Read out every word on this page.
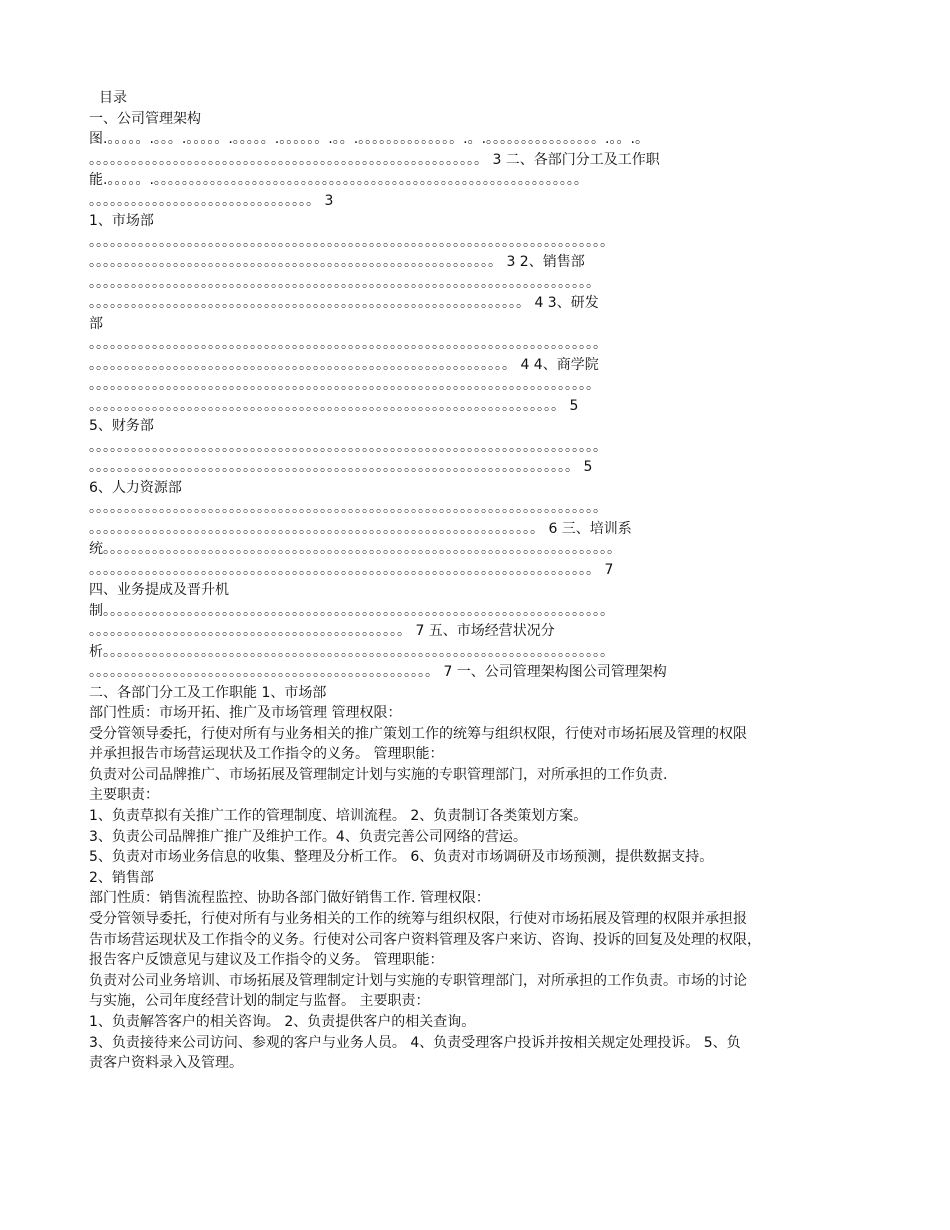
目录
一、公司管理架构
图.。。。。。.。。。.。。。。。.。。。。。.。。。。。。.。。.。。。。。。。。。。。。。。.。.。。。。。。。。。。。。。。。。.。。.。
。。。。。。。。。。。。。。。。。。。。。。。。。。。。。。。。。。。。。。。。。。。。。。。。。。。。。。。。 3 二、各部门分工及工作职
能.。。。。。.。。。。。。。。。。。。。。。。。。。。。。。。。。。。。。。。。。。。。。。。。。。。。。。。。。。。。。。。。。。。。
。。。。。。。。。。。。。。。。。。。。。。。。。。。。。。。。 3
1、市场部
。。。。。。。。。。。。。。。。。。。。。。。。。。。。。。。。。。。。。。。。。。。。。。。。。。。。。。。。。。。。。。。。。。。。。。。。。。
。。。。。。。。。。。。。。。。。。。。。。。。。。。。。。。。。。。。。。。。。。。。。。。。。。。。。。。。。。 3 2、销售部
。。。。。。。。。。。。。。。。。。。。。。。。。。。。。。。。。。。。。。。。。。。。。。。。。。。。。。。。。。。。。。。。。。。。。。。。
。。。。。。。。。。。。。。。。。。。。。。。。。。。。。。。。。。。。。。。。。。。。。。。。。。。。。。。。。。。。。。 4 3、研发
部
。。。。。。。。。。。。。。。。。。。。。。。。。。。。。。。。。。。。。。。。。。。。。。。。。。。。。。。。。。。。。。。。。。。。。。。。。
。。。。。。。。。。。。。。。。。。。。。。。。。。。。。。。。。。。。。。。。。。。。。。。。。。。。。。。。。。。。 4 4、商学院
。。。。。。。。。。。。。。。。。。。。。。。。。。。。。。。。。。。。。。。。。。。。。。。。。。。。。。。。。。。。。。。。。。。。。。。。
。。。。。。。。。。。。。。。。。。。。。。。。。。。。。。。。。。。。。。。。。。。。。。。。。。。。。。。。。。。。。。。。。。。 5
5、财务部
。。。。。。。。。。。。。。。。。。。。。。。。。。。。。。。。。。。。。。。。。。。。。。。。。。。。。。。。。。。。。。。。。。。。。。。。。
。。。。。。。。。。。。。。。。。。。。。。。。。。。。。。。。。。。。。。。。。。。。。。。。。。。。。。。。。。。。。。。。。。。。。 5
6、人力资源部
。。。。。。。。。。。。。。。。。。。。。。。。。。。。。。。。。。。。。。。。。。。。。。。。。。。。。。。。。。。。。。。。。。。。。。。。。
。。。。。。。。。。。。。。。。。。。。。。。。。。。。。。。。。。。。。。。。。。。。。。。。。。。。。。。。。。。。。。。。 6 三、培训系
统。。。。。。。。。。。。。。。。。。。。。。。。。。。。。。。。。。。。。。。。。。。。。。。。。。。。。。。。。。。。。。。。。。。。。。。。。
。。。。。。。。。。。。。。。。。。。。。。。。。。。。。。。。。。。。。。。。。。。。。。。。。。。。。。。。。。。。。。。。。。。。。。。。 7
四、业务提成及晋升机
制。。。。。。。。。。。。。。。。。。。。。。。。。。。。。。。。。。。。。。。。。。。。。。。。。。。。。。。。。。。。。。。。。。。。。。。。
。。。。。。。。。。。。。。。。。。。。。。。。。。。。。。。。。。。。。。。。。。。。。 7 五、市场经营状况分
析。。。。。。。。。。。。。。。。。。。。。。。。。。。。。。。。。。。。。。。。。。。。。。。。。。。。。。。。。。。。。。。。。。。。。。。。
。。。。。。。。。。。。。。。。。。。。。。。。。。。。。。。。。。。。。。。。。。。。。。。。。 7 一、公司管理架构图公司管理架构
二、各部门分工及工作职能 1、市场部
部门性质：市场开拓、推广及市场管理 管理权限：
受分管领导委托，行使对所有与业务相关的推广策划工作的统筹与组织权限，行使对市场拓展及管理的权限
并承担报告市场营运现状及工作指令的义务。 管理职能：
负责对公司品牌推广、市场拓展及管理制定计划与实施的专职管理部门，对所承担的工作负责.
主要职责：
1、负责草拟有关推广工作的管理制度、培训流程。 2、负责制订各类策划方案。
3、负责公司品牌推广推广及维护工作。4、负责完善公司网络的营运。
5、负责对市场业务信息的收集、整理及分析工作。 6、负责对市场调研及市场预测，提供数据支持。
2、销售部
部门性质：销售流程监控、协助各部门做好销售工作. 管理权限：
受分管领导委托，行使对所有与业务相关的工作的统筹与组织权限，行使对市场拓展及管理的权限并承担报
告市场营运现状及工作指令的义务。行使对公司客户资料管理及客户来访、咨询、投诉的回复及处理的权限，
报告客户反馈意见与建议及工作指令的义务。 管理职能：
负责对公司业务培训、市场拓展及管理制定计划与实施的专职管理部门，对所承担的工作负责。市场的讨论
与实施，公司年度经营计划的制定与监督。 主要职责：
1、负责解答客户的相关咨询。 2、负责提供客户的相关查询。
3、负责接待来公司访问、参观的客户与业务人员。 4、负责受理客户投诉并按相关规定处理投诉。 5、负
责客户资料录入及管理。
